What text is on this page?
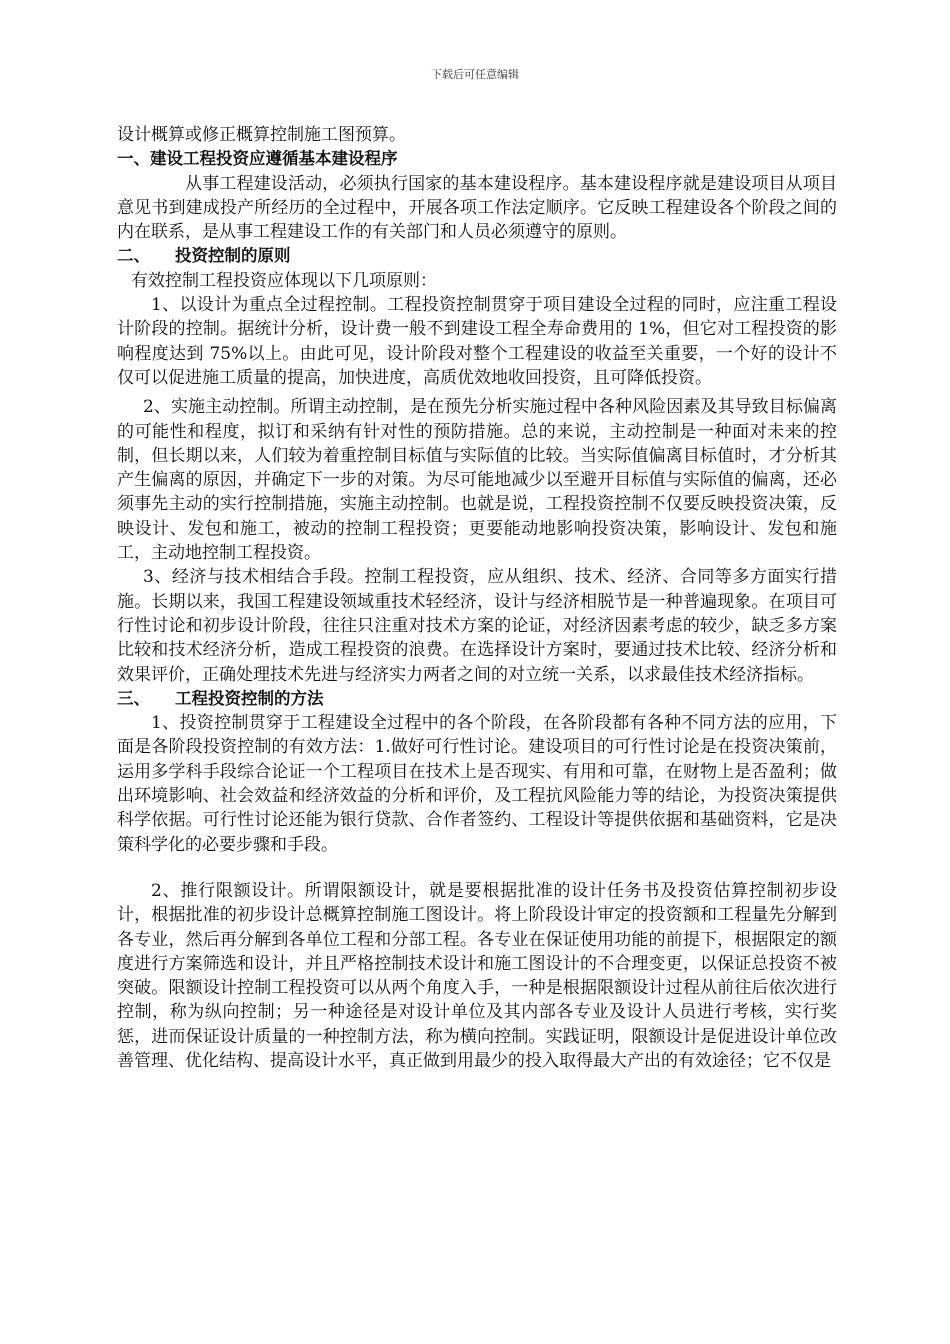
下载后可任意编辑

设计概算或修正概算控制施工图预算。

一、建设工程投资应遵循基本建设程序

从事工程建设活动，必须执行国家的基本建设程序。基本建设程序就是建设项目从项目意见书到建成投产所经历的全过程中，开展各项工作法定顺序。它反映工程建设各个阶段之间的内在联系，是从事工程建设工作的有关部门和人员必须遵守的原则。

二、 投资控制的原则

有效控制工程投资应体现以下几项原则：

1、以设计为重点全过程控制。工程投资控制贯穿于项目建设全过程的同时，应注重工程设计阶段的控制。据统计分析，设计费一般不到建设工程全寿命费用的 1%，但它对工程投资的影响程度达到 75%以上。由此可见，设计阶段对整个工程建设的收益至关重要，一个好的设计不仅可以促进施工质量的提高，加快进度，高质优效地收回投资，且可降低投资。

2、实施主动控制。所谓主动控制，是在预先分析实施过程中各种风险因素及其导致目标偏离的可能性和程度，拟订和采纳有针对性的预防措施。总的来说，主动控制是一种面对未来的控制，但长期以来，人们较为着重控制目标值与实际值的比较。当实际值偏离目标值时，才分析其产生偏离的原因，并确定下一步的对策。为尽可能地减少以至避开目标值与实际值的偏离，还必须事先主动的实行控制措施，实施主动控制。也就是说，工程投资控制不仅要反映投资决策，反映设计、发包和施工，被动的控制工程投资；更要能动地影响投资决策，影响设计、发包和施工，主动地控制工程投资。

3、经济与技术相结合手段。控制工程投资，应从组织、技术、经济、合同等多方面实行措施。长期以来，我国工程建设领域重技术轻经济，设计与经济相脱节是一种普遍现象。在项目可行性讨论和初步设计阶段，往往只注重对技术方案的论证，对经济因素考虑的较少，缺乏多方案比较和技术经济分析，造成工程投资的浪费。在选择设计方案时，要通过技术比较、经济分析和效果评价，正确处理技术先进与经济实力两者之间的对立统一关系，以求最佳技术经济指标。

三、 工程投资控制的方法

1、投资控制贯穿于工程建设全过程中的各个阶段，在各阶段都有各种不同方法的应用，下面是各阶段投资控制的有效方法：1.做好可行性讨论。建设项目的可行性讨论是在投资决策前，运用多学科手段综合论证一个工程项目在技术上是否现实、有用和可靠，在财物上是否盈利；做出环境影响、社会效益和经济效益的分析和评价，及工程抗风险能力等的结论，为投资决策提供科学依据。可行性讨论还能为银行贷款、合作者签约、工程设计等提供依据和基础资料，它是决策科学化的必要步骤和手段。

2、推行限额设计。所谓限额设计，就是要根据批准的设计任务书及投资估算控制初步设计，根据批准的初步设计总概算控制施工图设计。将上阶段设计审定的投资额和工程量先分解到各专业，然后再分解到各单位工程和分部工程。各专业在保证使用功能的前提下，根据限定的额度进行方案筛选和设计，并且严格控制技术设计和施工图设计的不合理变更，以保证总投资不被突破。限额设计控制工程投资可以从两个角度入手，一种是根据限额设计过程从前往后依次进行控制，称为纵向控制；另一种途径是对设计单位及其内部各专业及设计人员进行考核，实行奖惩，进而保证设计质量的一种控制方法，称为横向控制。实践证明，限额设计是促进设计单位改善管理、优化结构、提高设计水平，真正做到用最少的投入取得最大产出的有效途径；它不仅是
